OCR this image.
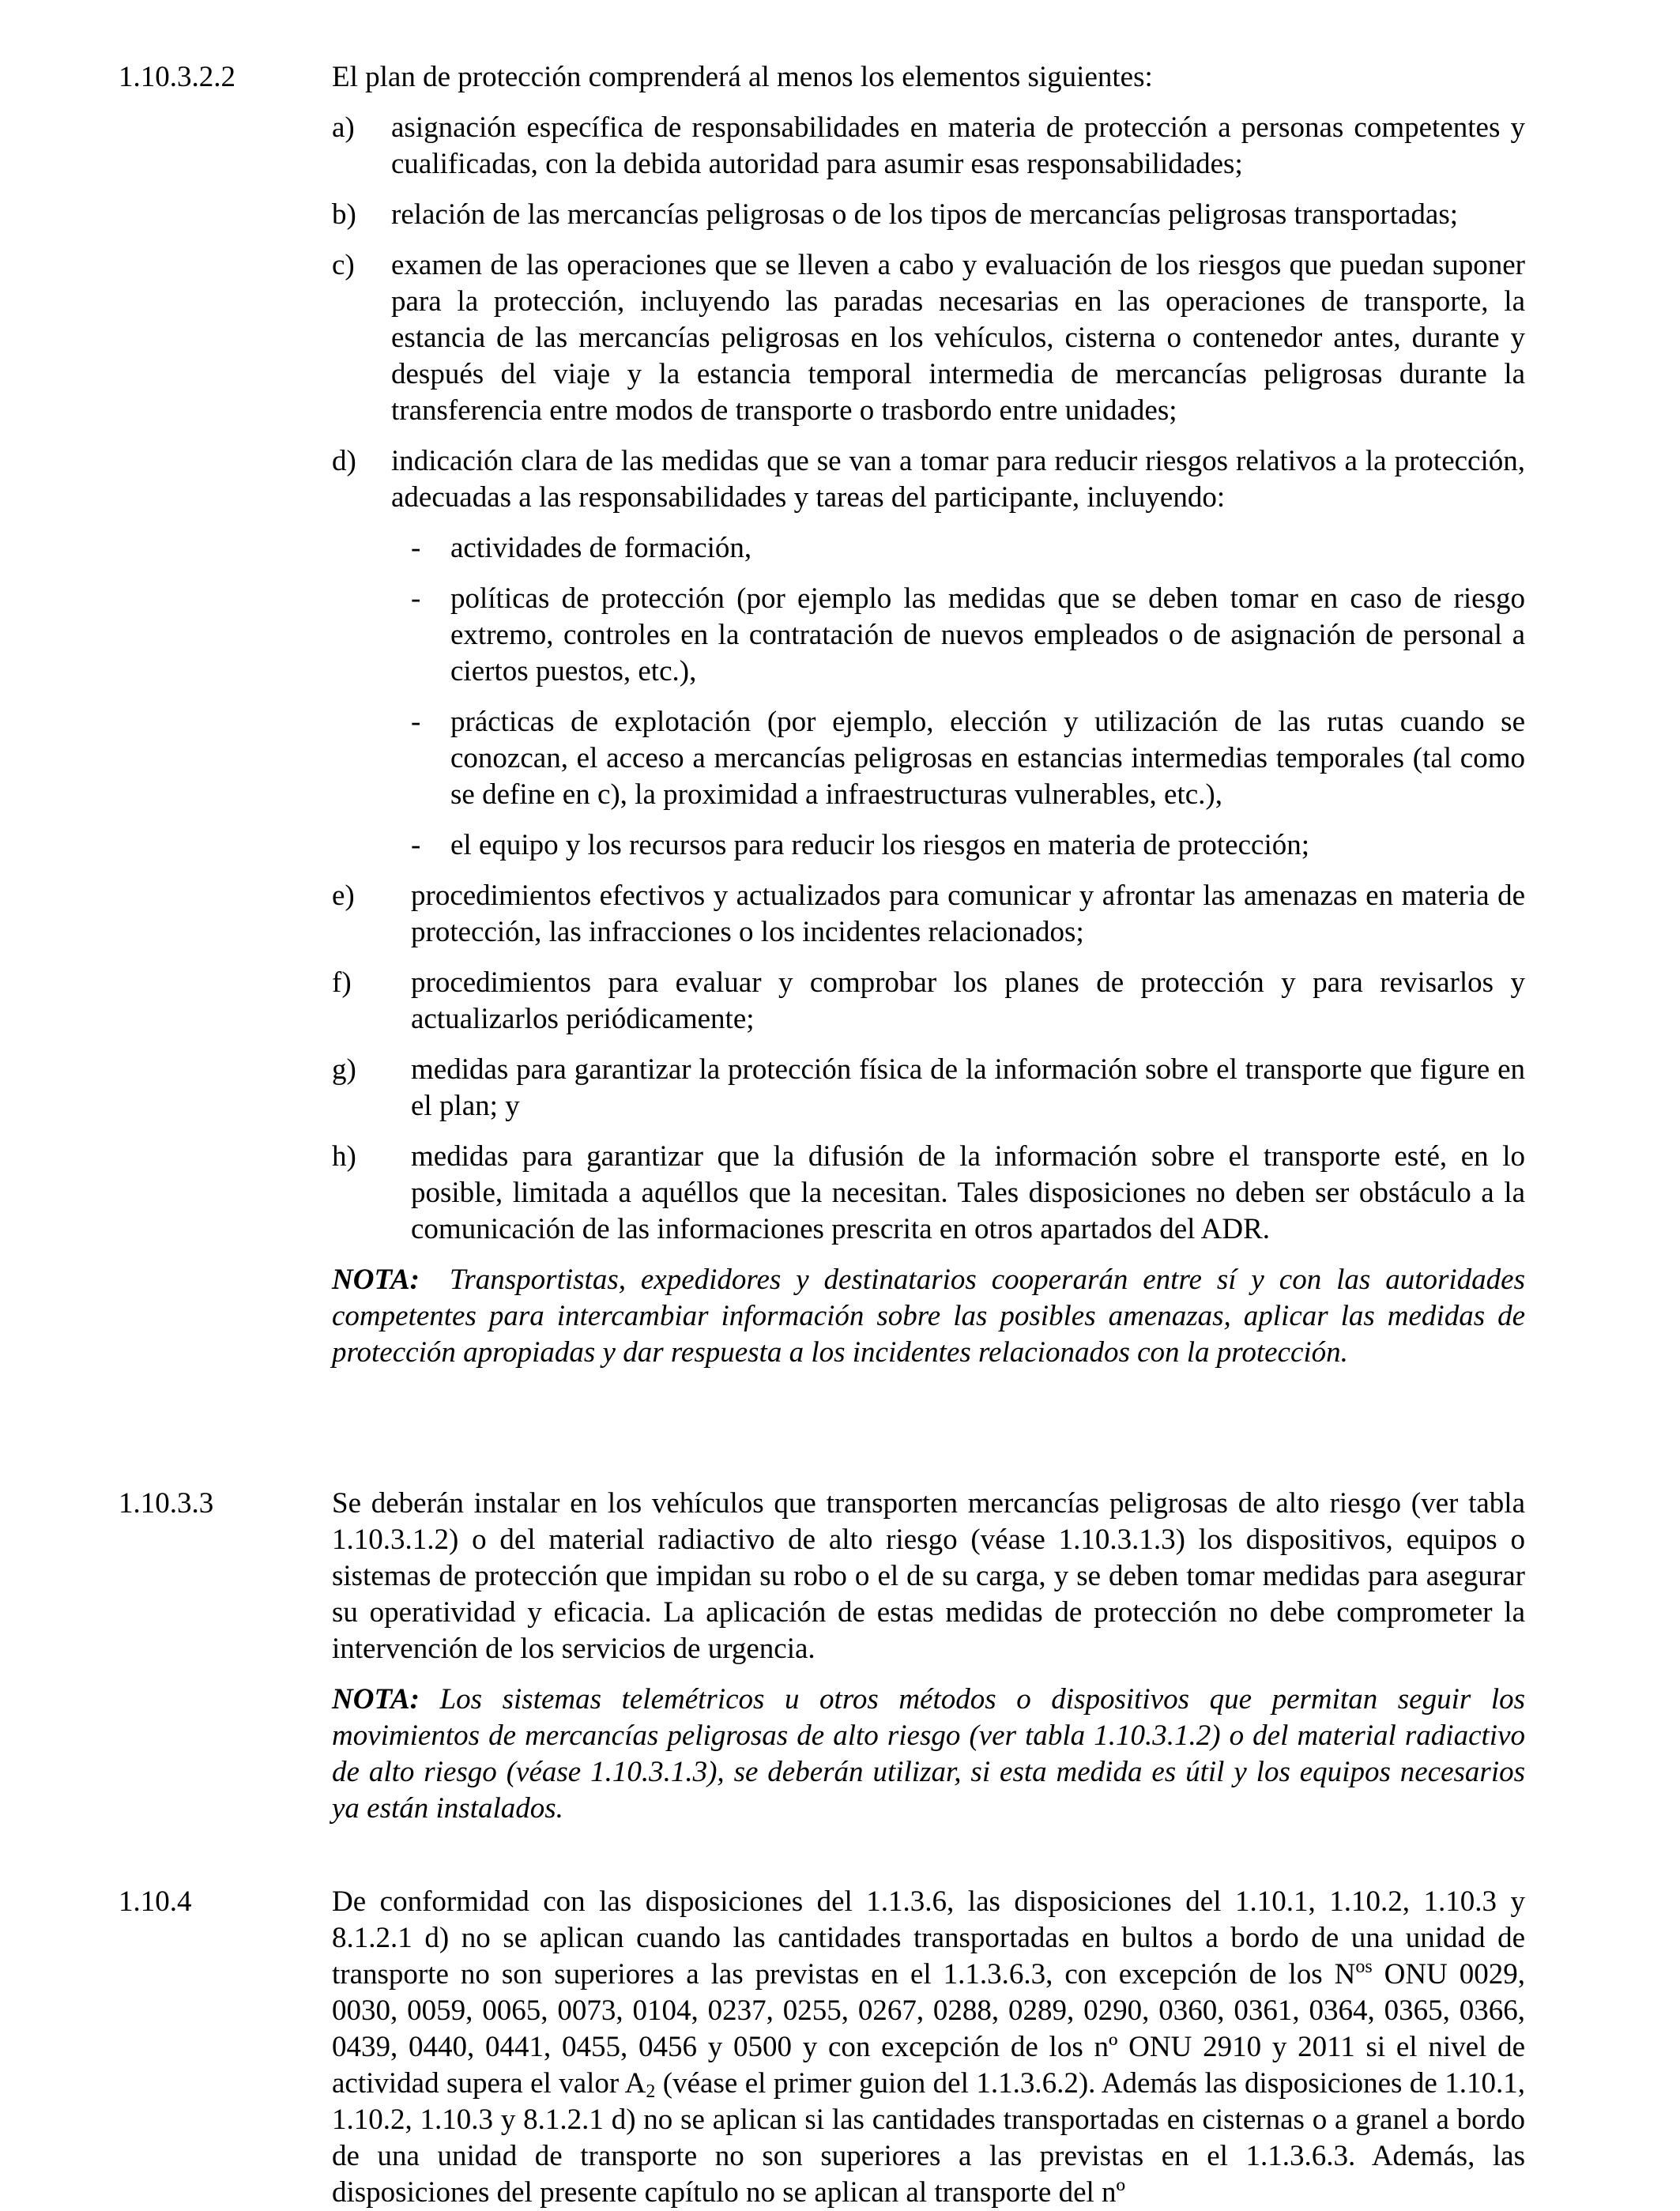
1.10.3.2.2	El plan de protección comprenderá al menos los elementos siguientes:

a) asignación específica de responsabilidades en materia de protección a personas competentes y cualificadas, con la debida autoridad para asumir esas responsabilidades;
b) relación de las mercancías peligrosas o de los tipos de mercancías peligrosas transportadas;
c) examen de las operaciones que se lleven a cabo y evaluación de los riesgos que puedan suponer para la protección, incluyendo las paradas necesarias en las operaciones de transporte, la estancia de las mercancías peligrosas en los vehículos, cisterna o contenedor antes, durante y después del viaje y la estancia temporal intermedia de mercancías peligrosas durante la transferencia entre modos de transporte o trasbordo entre unidades;
d) indicación clara de las medidas que se van a tomar para reducir riesgos relativos a la protección, adecuadas a las responsabilidades y tareas del participante, incluyendo:
- actividades de formación,
- políticas de protección (por ejemplo las medidas que se deben tomar en caso de riesgo extremo, controles en la contratación de nuevos empleados o de asignación de personal a ciertos puestos, etc.),
- prácticas de explotación (por ejemplo, elección y utilización de las rutas cuando se conozcan, el acceso a mercancías peligrosas en estancias intermedias temporales (tal como se define en c), la proximidad a infraestructuras vulnerables, etc.),
- el equipo y los recursos para reducir los riesgos en materia de protección;
e) procedimientos efectivos y actualizados para comunicar y afrontar las amenazas en materia de protección, las infracciones o los incidentes relacionados;
f) procedimientos para evaluar y comprobar los planes de protección y para revisarlos y actualizarlos periódicamente;
g) medidas para garantizar la protección física de la información sobre el transporte que figure en el plan; y
h) medidas para garantizar que la difusión de la información sobre el transporte esté, en lo posible, limitada a aquéllos que la necesitan. Tales disposiciones no deben ser obstáculo a la comunicación de las informaciones prescrita en otros apartados del ADR.

NOTA: Transportistas, expedidores y destinatarios cooperarán entre sí y con las autoridades competentes para intercambiar información sobre las posibles amenazas, aplicar las medidas de protección apropiadas y dar respuesta a los incidentes relacionados con la protección.

1.10.3.3	Se deberán instalar en los vehículos que transporten mercancías peligrosas de alto riesgo (ver tabla 1.10.3.1.2) o del material radiactivo de alto riesgo (véase 1.10.3.1.3) los dispositivos, equipos o sistemas de protección que impidan su robo o el de su carga, y se deben tomar medidas para asegurar su operatividad y eficacia. La aplicación de estas medidas de protección no debe comprometer la intervención de los servicios de urgencia.

NOTA: Los sistemas telemétricos u otros métodos o dispositivos que permitan seguir los movimientos de mercancías peligrosas de alto riesgo (ver tabla 1.10.3.1.2) o del material radiactivo de alto riesgo (véase 1.10.3.1.3), se deberán utilizar, si esta medida es útil y los equipos necesarios ya están instalados.

1.10.4	De conformidad con las disposiciones del 1.1.3.6, las disposiciones del 1.10.1, 1.10.2, 1.10.3 y 8.1.2.1 d) no se aplican cuando las cantidades transportadas en bultos a bordo de una unidad de transporte no son superiores a las previstas en el 1.1.3.6.3, con excepción de los $N^{os}$ ONU 0029, 0030, 0059, 0065, 0073, 0104, 0237, 0255, 0267, 0288, 0289, 0290, 0360, 0361, 0364, 0365, 0366, 0439, 0440, 0441, 0455, 0456 y 0500 y con excepción de los nº ONU 2910 y 2011 si el nivel de actividad supera el valor $A_2$ (véase el primer guion del 1.1.3.6.2). Además las disposiciones de 1.10.1, 1.10.2, 1.10.3 y 8.1.2.1 d) no se aplican si las cantidades transportadas en cisternas o a granel a bordo de una unidad de transporte no son superiores a las previstas en el 1.1.3.6.3. Además, las disposiciones del presente capítulo no se aplican al transporte del nº
